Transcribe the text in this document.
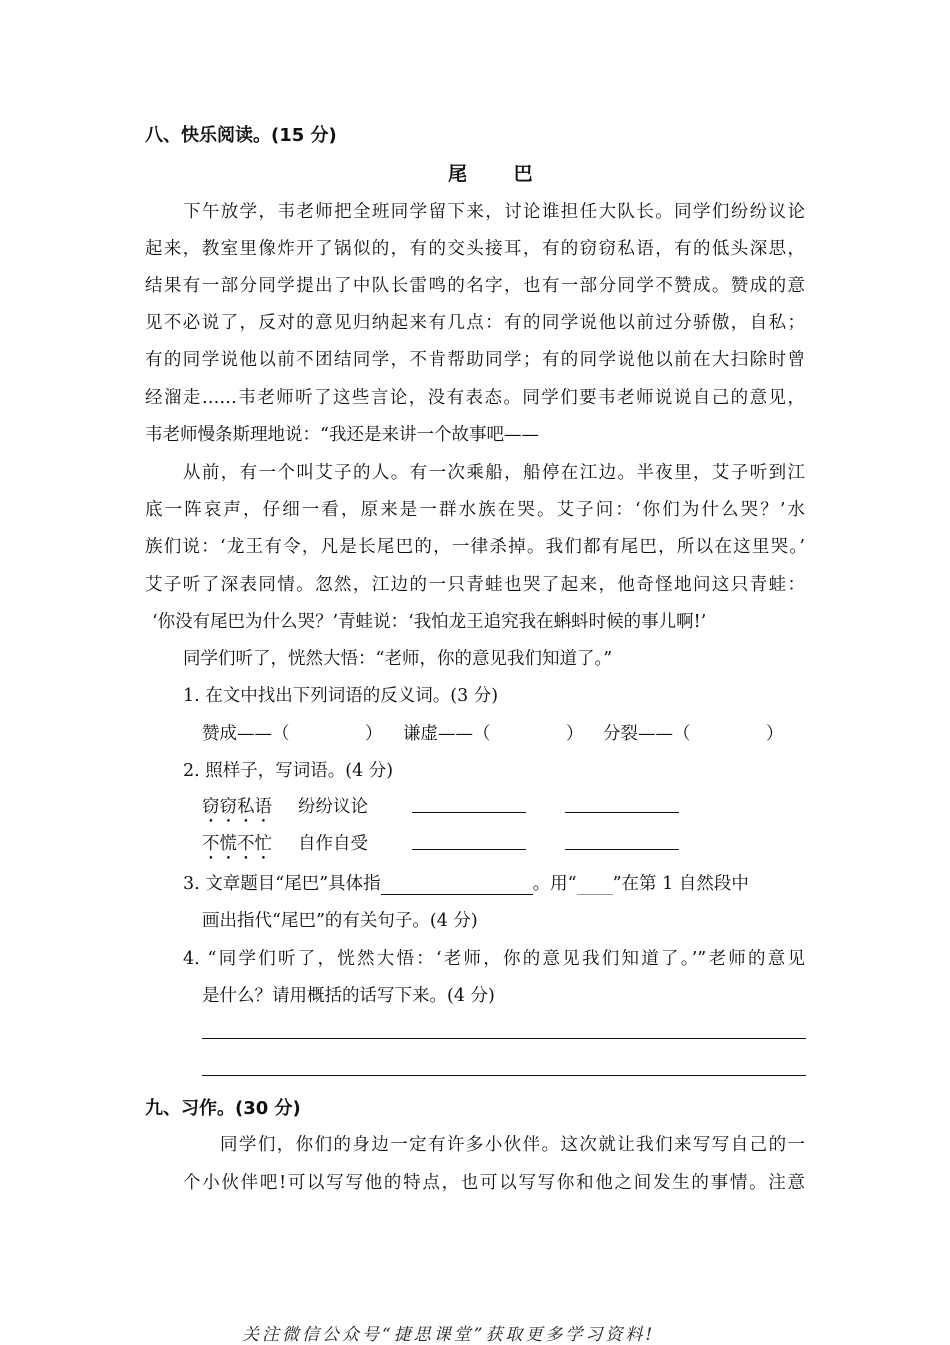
八、快乐阅读。(15 分)
尾 巴
下午放学，韦老师把全班同学留下来，讨论谁担任大队长。同学们纷纷议论
起来，教室里像炸开了锅似的，有的交头接耳，有的窃窃私语，有的低头深思，
结果有一部分同学提出了中队长雷鸣的名字，也有一部分同学不赞成。赞成的意
见不必说了，反对的意见归纳起来有几点：有的同学说他以前过分骄傲，自私；
有的同学说他以前不团结同学，不肯帮助同学；有的同学说他以前在大扫除时曾
经溜走……韦老师听了这些言论，没有表态。同学们要韦老师说说自己的意见，
韦老师慢条斯理地说：“我还是来讲一个故事吧——
从前，有一个叫艾子的人。有一次乘船，船停在江边。半夜里，艾子听到江
底一阵哀声，仔细一看，原来是一群水族在哭。艾子问：‘你们为什么哭？’水
族们说：‘龙王有令，凡是长尾巴的，一律杀掉。我们都有尾巴，所以在这里哭。’
艾子听了深表同情。忽然，江边的一只青蛙也哭了起来，他奇怪地问这只青蛙：
‘你没有尾巴为什么哭？’青蛙说：‘我怕龙王追究我在蝌蚪时候的事儿啊!’
同学们听了，恍然大悟：“老师，你的意见我们知道了。”
1. 在文中找出下列词语的反义词。(3 分)
赞成——（	） 谦虚——（	） 分裂——（	）
2. 照样子，写词语。(4 分)
窃窃私语 纷纷议论
不慌不忙 自作自受
3. 文章题目“尾巴”具体指	。用“ ”在第 1 自然段中
画出指代“尾巴”的有关句子。(4 分)
4. “同学们听了，恍然大悟：‘老师，你的意见我们知道了。’”老师的意见
是什么？请用概括的话写下来。(4 分)
九、习作。(30 分)
同学们，你们的身边一定有许多小伙伴。这次就让我们来写写自己的一
个小伙伴吧!可以写写他的特点，也可以写写你和他之间发生的事情。注意
关注微信公众号“捷思课堂”获取更多学习资料!
